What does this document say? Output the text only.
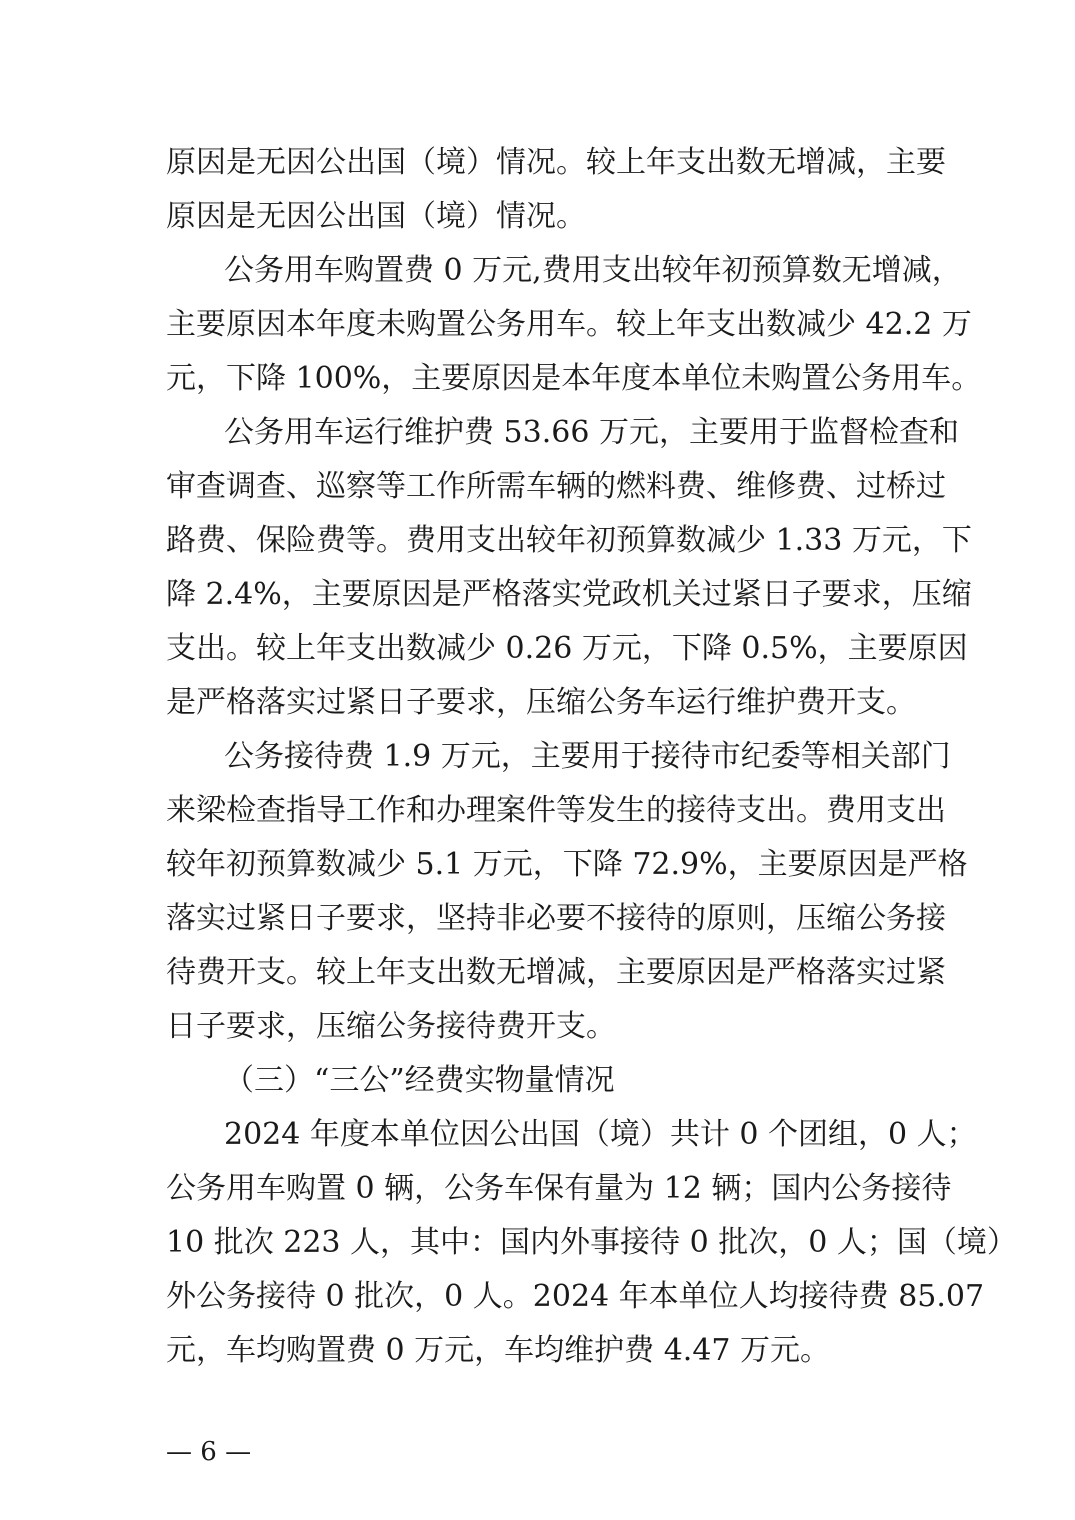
原因是无因公出国（境）情况。较上年支出数无增减，主要
原因是无因公出国（境）情况。
公务用车购置费 0 万元,费用支出较年初预算数无增减，
主要原因本年度未购置公务用车。较上年支出数减少 42.2 万
元，下降 100%，主要原因是本年度本单位未购置公务用车。
公务用车运行维护费 53.66 万元，主要用于监督检查和
审查调查、巡察等工作所需车辆的燃料费、维修费、过桥过
路费、保险费等。费用支出较年初预算数减少 1.33 万元，下
降 2.4%，主要原因是严格落实党政机关过紧日子要求，压缩
支出。较上年支出数减少 0.26 万元，下降 0.5%，主要原因
是严格落实过紧日子要求，压缩公务车运行维护费开支。
公务接待费 1.9 万元，主要用于接待市纪委等相关部门
来梁检查指导工作和办理案件等发生的接待支出。费用支出
较年初预算数减少 5.1 万元，下降 72.9%，主要原因是严格
落实过紧日子要求，坚持非必要不接待的原则，压缩公务接
待费开支。较上年支出数无增减，主要原因是严格落实过紧
日子要求，压缩公务接待费开支。
（三）“三公”经费实物量情况
2024 年度本单位因公出国（境）共计 0 个团组，0 人；
公务用车购置 0 辆，公务车保有量为 12 辆；国内公务接待
10 批次 223 人，其中：国内外事接待 0 批次，0 人；国（境）
外公务接待 0 批次，0 人。2024 年本单位人均接待费 85.07
元，车均购置费 0 万元，车均维护费 4.47 万元。
— 6 —
